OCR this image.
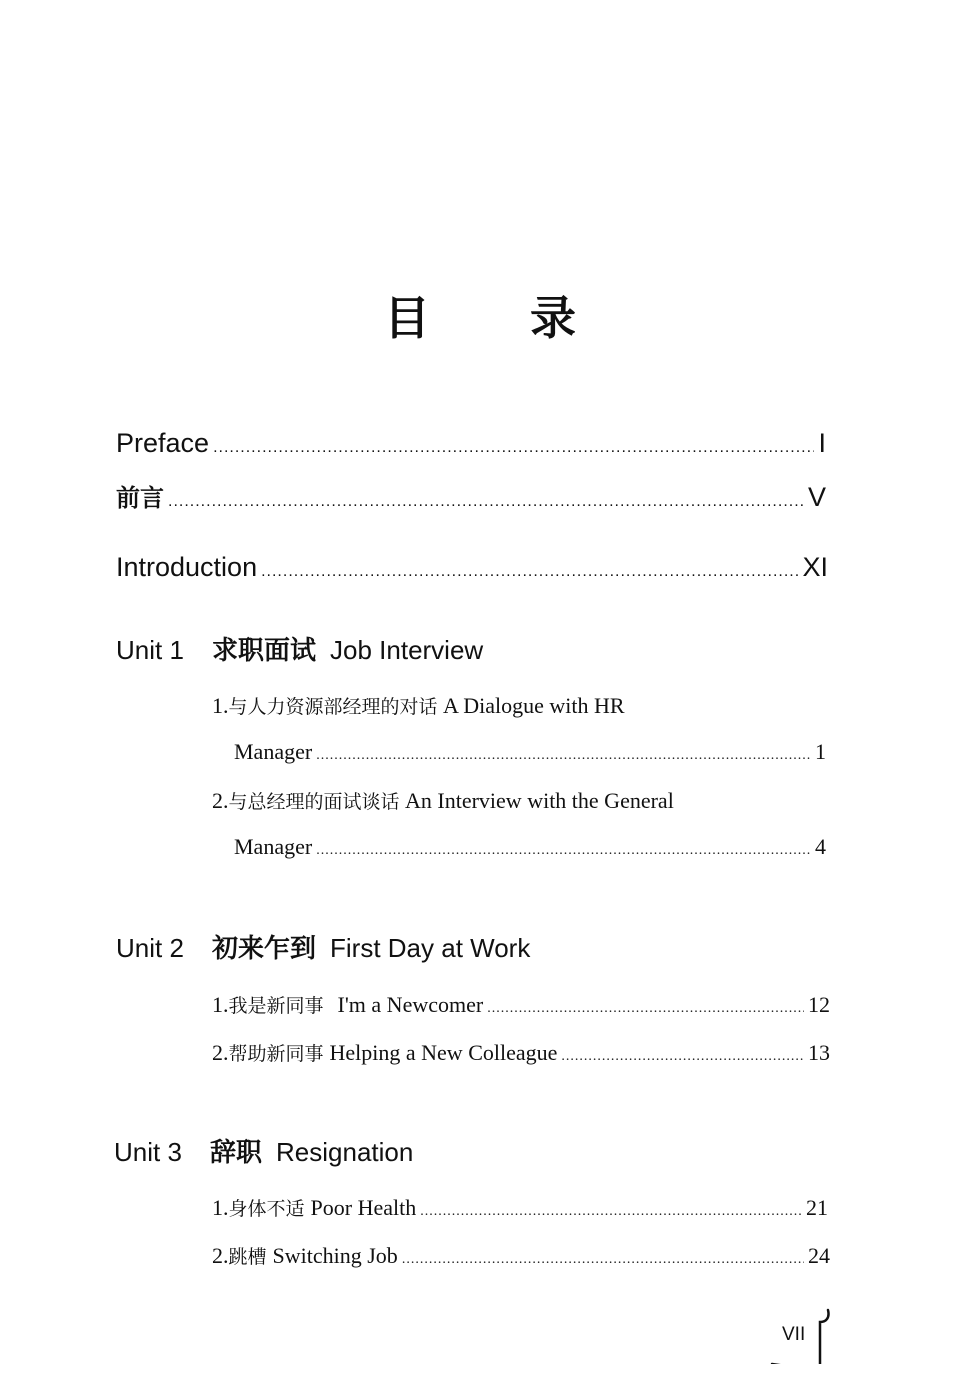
目 录
Preface .....	I
前言 .....	V
Introduction .....	XI
Unit 1 求职面试 Job Interview
1.与人力资源部经理的对话 A Dialogue with HR
Manager .....	1
2.与总经理的面试谈话 An Interview with the General
Manager .....	4
Unit 2 初来乍到 First Day at Work
1. 我是新同事 I'm a Newcomer .....	12
2. 帮助新同事 Helping a New Colleague .....	13
Unit 3 辞职 Resignation
1. 身体不适 Poor Health .....	21
2. 跳槽 Switching Job .....	24
VII
